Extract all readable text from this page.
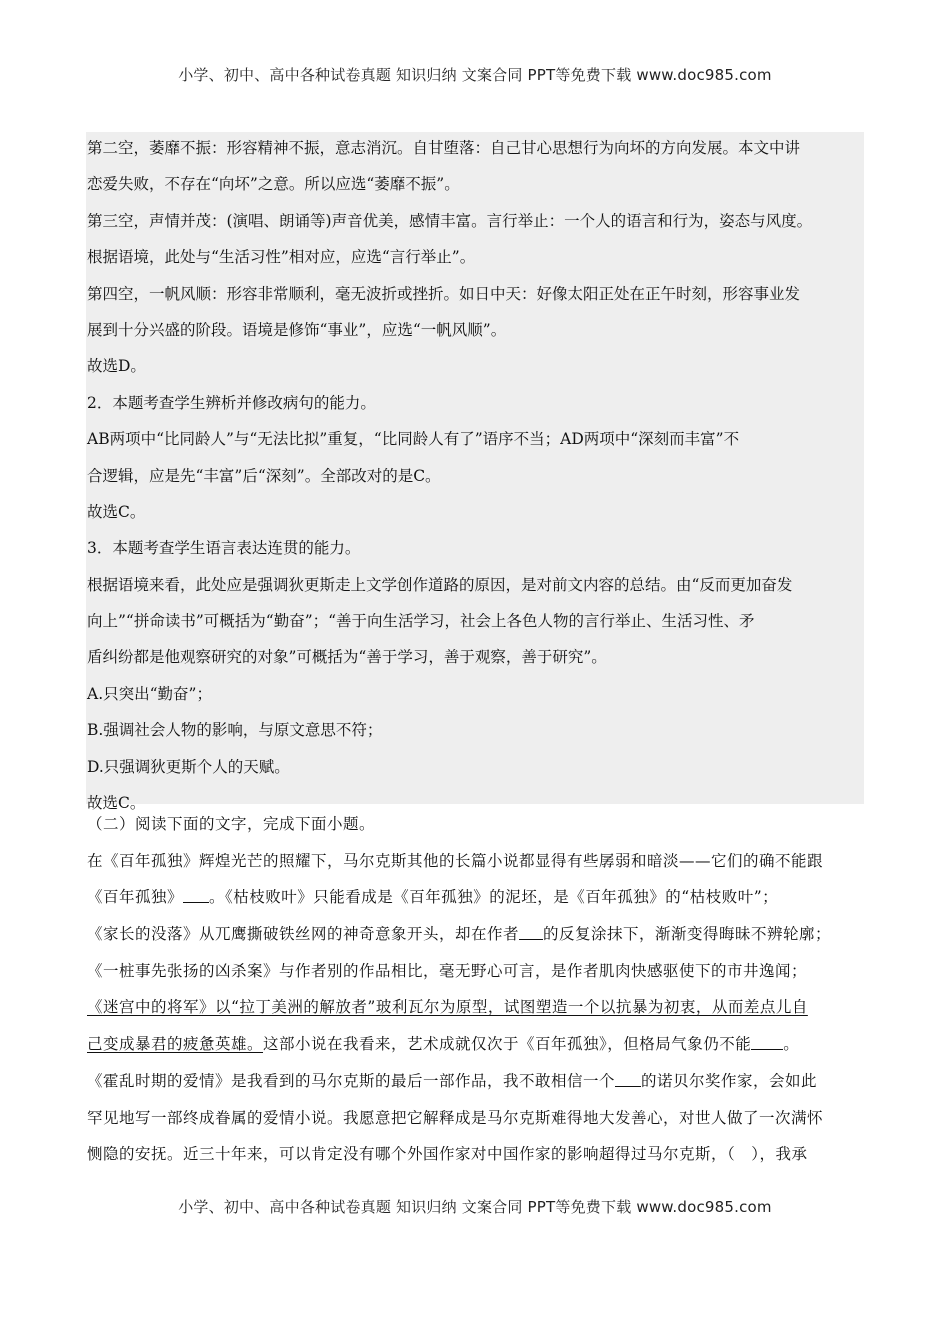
小学、初中、高中各种试卷真题 知识归纳 文案合同 PPT等免费下载 www.doc985.com
第二空，萎靡不振：形容精神不振，意志消沉。自甘堕落：自己甘心思想行为向坏的方向发展。本文中讲
恋爱失败，不存在“向坏”之意。所以应选“萎靡不振”。
第三空，声情并茂：(演唱、朗诵等)声音优美，感情丰富。言行举止：一个人的语言和行为，姿态与风度。
根据语境，此处与“生活习性”相对应，应选“言行举止”。
第四空，一帆风顺：形容非常顺利，毫无波折或挫折。如日中天：好像太阳正处在正午时刻，形容事业发
展到十分兴盛的阶段。语境是修饰“事业”，应选“一帆风顺”。
故选D。
2．本题考查学生辨析并修改病句的能力。
AB两项中“比同龄人”与“无法比拟”重复，“比同龄人有了”语序不当；AD两项中“深刻而丰富”不
合逻辑，应是先“丰富”后“深刻”。全部改对的是C。
故选C。
3．本题考查学生语言表达连贯的能力。
根据语境来看，此处应是强调狄更斯走上文学创作道路的原因，是对前文内容的总结。由“反而更加奋发
向上”“拼命读书”可概括为“勤奋”；“善于向生活学习，社会上各色人物的言行举止、生活习性、矛
盾纠纷都是他观察研究的对象”可概括为“善于学习，善于观察，善于研究”。
A.只突出“勤奋”；
B.强调社会人物的影响，与原文意思不符；
D.只强调狄更斯个人的天赋。
故选C。
（二）阅读下面的文字，完成下面小题。
在《百年孤独》辉煌光芒的照耀下，马尔克斯其他的长篇小说都显得有些孱弱和暗淡——它们的确不能跟
《百年孤独》 。《枯枝败叶》只能看成是《百年孤独》的泥坯，是《百年孤独》的“枯枝败叶”；
《家长的没落》从兀鹰撕破铁丝网的神奇意象开头，却在作者 的反复涂抹下，渐渐变得晦昧不辨轮廓；
《一桩事先张扬的凶杀案》与作者别的作品相比，毫无野心可言，是作者肌肉快感驱使下的市井逸闻；
《迷宫中的将军》以“拉丁美洲的解放者”玻利瓦尔为原型，试图塑造一个以抗暴为初衷，从而差点儿自
己变成暴君的疲惫英雄。这部小说在我看来，艺术成就仅次于《百年孤独》，但格局气象仍不能 。
《霍乱时期的爱情》是我看到的马尔克斯的最后一部作品，我不敢相信一个 的诺贝尔奖作家，会如此
罕见地写一部终成眷属的爱情小说。我愿意把它解释成是马尔克斯难得地大发善心，对世人做了一次满怀
恻隐的安抚。近三十年来，可以肯定没有哪个外国作家对中国作家的影响超得过马尔克斯，（　），我承
小学、初中、高中各种试卷真题 知识归纳 文案合同 PPT等免费下载 www.doc985.com
